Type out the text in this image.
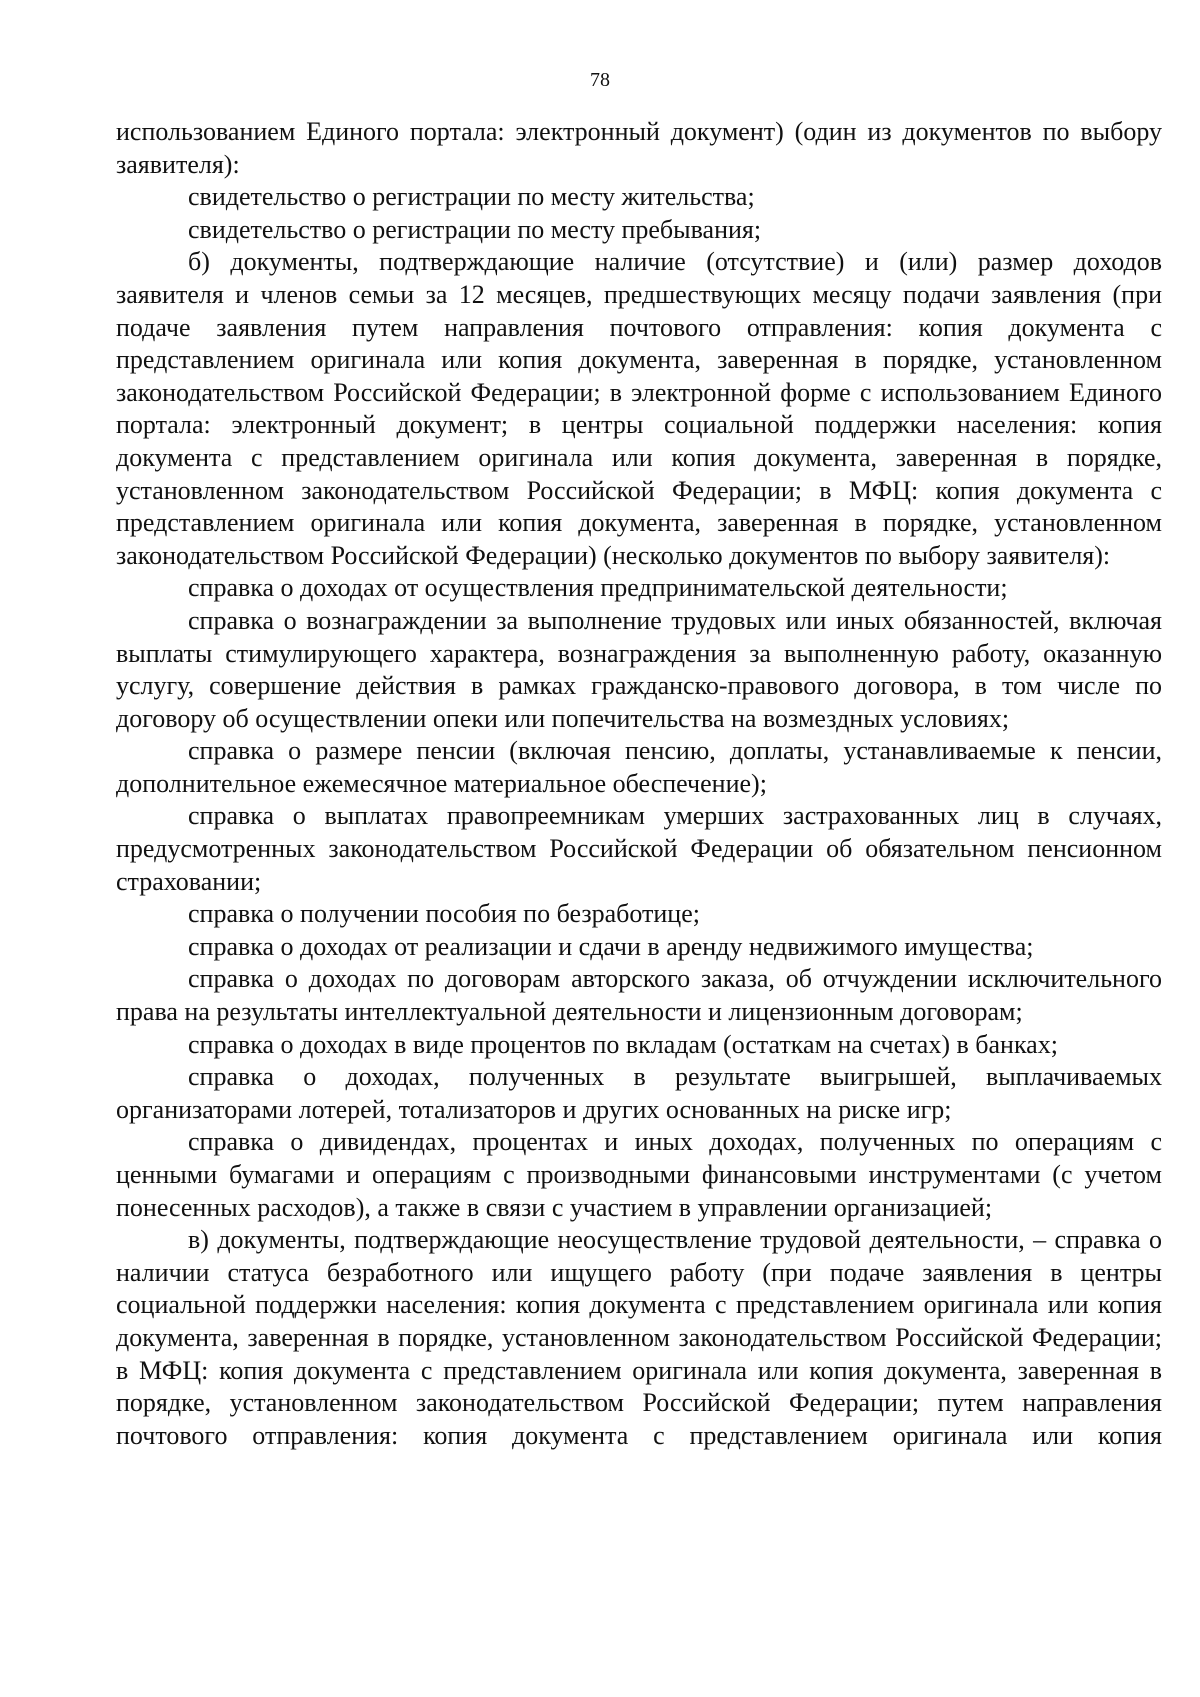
78

использованием Единого портала: электронный документ) (один из документов по выбору заявителя):

свидетельство о регистрации по месту жительства;

свидетельство о регистрации по месту пребывания;

б) документы, подтверждающие наличие (отсутствие) и (или) размер доходов заявителя и членов семьи за 12 месяцев, предшествующих месяцу подачи заявления (при подаче заявления путем направления почтового отправления: копия документа с представлением оригинала или копия документа, заверенная в порядке, установленном законодательством Российской Федерации; в электронной форме с использованием Единого портала: электронный документ; в центры социальной поддержки населения: копия документа с представлением оригинала или копия документа, заверенная в порядке, установленном законодательством Российской Федерации; в МФЦ: копия документа с представлением оригинала или копия документа, заверенная в порядке, установленном законодательством Российской Федерации) (несколько документов по выбору заявителя):

справка о доходах от осуществления предпринимательской деятельности;

справка о вознаграждении за выполнение трудовых или иных обязанностей, включая выплаты стимулирующего характера, вознаграждения за выполненную работу, оказанную услугу, совершение действия в рамках гражданско-правового договора, в том числе по договору об осуществлении опеки или попечительства на возмездных условиях;

справка о размере пенсии (включая пенсию, доплаты, устанавливаемые к пенсии, дополнительное ежемесячное материальное обеспечение);

справка о выплатах правопреемникам умерших застрахованных лиц в случаях, предусмотренных законодательством Российской Федерации об обязательном пенсионном страховании;

справка о получении пособия по безработице;

справка о доходах от реализации и сдачи в аренду недвижимого имущества;

справка о доходах по договорам авторского заказа, об отчуждении исключительного права на результаты интеллектуальной деятельности и лицензионным договорам;

справка о доходах в виде процентов по вкладам (остаткам на счетах) в банках;

справка о доходах, полученных в результате выигрышей, выплачиваемых организаторами лотерей, тотализаторов и других основанных на риске игр;

справка о дивидендах, процентах и иных доходах, полученных по операциям с ценными бумагами и операциям с производными финансовыми инструментами (с учетом понесенных расходов), а также в связи с участием в управлении организацией;

в) документы, подтверждающие неосуществление трудовой деятельности, – справка о наличии статуса безработного или ищущего работу (при подаче заявления в центры социальной поддержки населения: копия документа с представлением оригинала или копия документа, заверенная в порядке, установленном законодательством Российской Федерации; в МФЦ: копия документа с представлением оригинала или копия документа, заверенная в порядке, установленном законодательством Российской Федерации; путем направления почтового отправления: копия документа с представлением оригинала или копия
